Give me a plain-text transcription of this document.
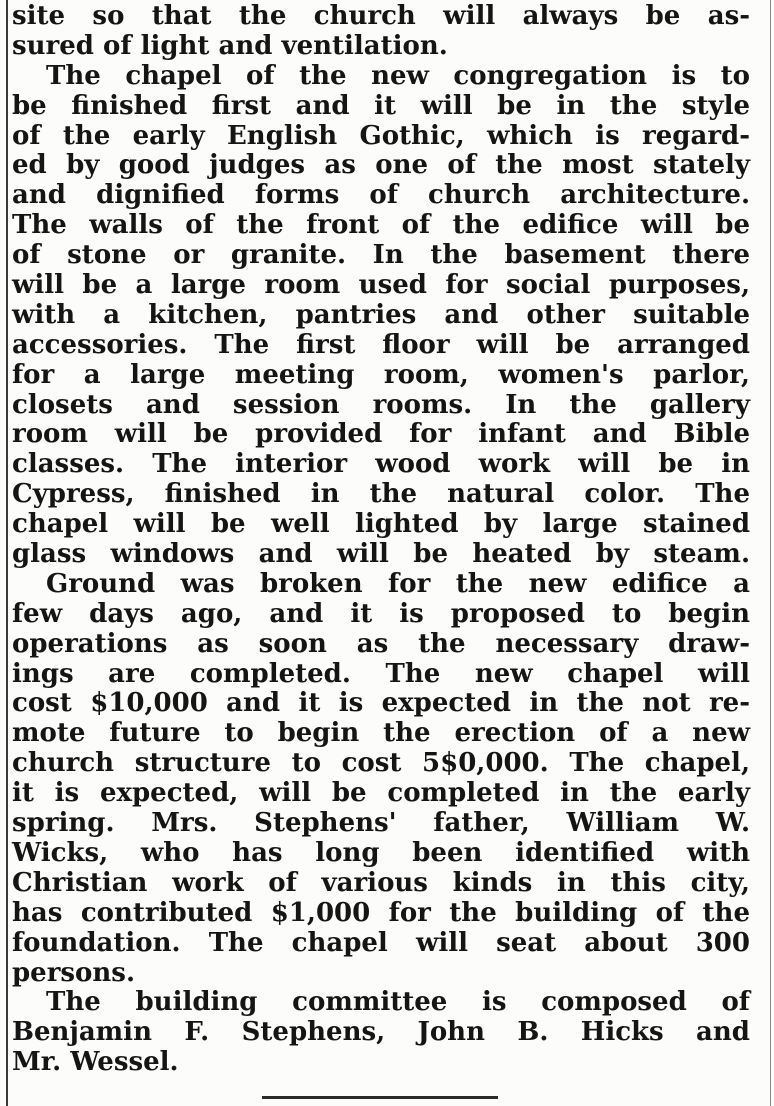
site so that the church will always be as-
sured of light and ventilation.
The chapel of the new congregation is to
be finished first and it will be in the style
of the early English Gothic, which is regard-
ed by good judges as one of the most stately
and dignified forms of church architecture.
The walls of the front of the edifice will be
of stone or granite. In the basement there
will be a large room used for social purposes,
with a kitchen, pantries and other suitable
accessories. The first floor will be arranged
for a large meeting room, women's parlor,
closets and session rooms. In the gallery
room will be provided for infant and Bible
classes. The interior wood work will be in
Cypress, finished in the natural color. The
chapel will be well lighted by large stained
glass windows and will be heated by steam.
Ground was broken for the new edifice a
few days ago, and it is proposed to begin
operations as soon as the necessary draw-
ings are completed. The new chapel will
cost $10,000 and it is expected in the not re-
mote future to begin the erection of a new
church structure to cost 5$0,000. The chapel,
it is expected, will be completed in the early
spring. Mrs. Stephens' father, William W.
Wicks, who has long been identified with
Christian work of various kinds in this city,
has contributed $1,000 for the building of the
foundation. The chapel will seat about 300
persons.
The building committee is composed of
Benjamin F. Stephens, John B. Hicks and
Mr. Wessel.
